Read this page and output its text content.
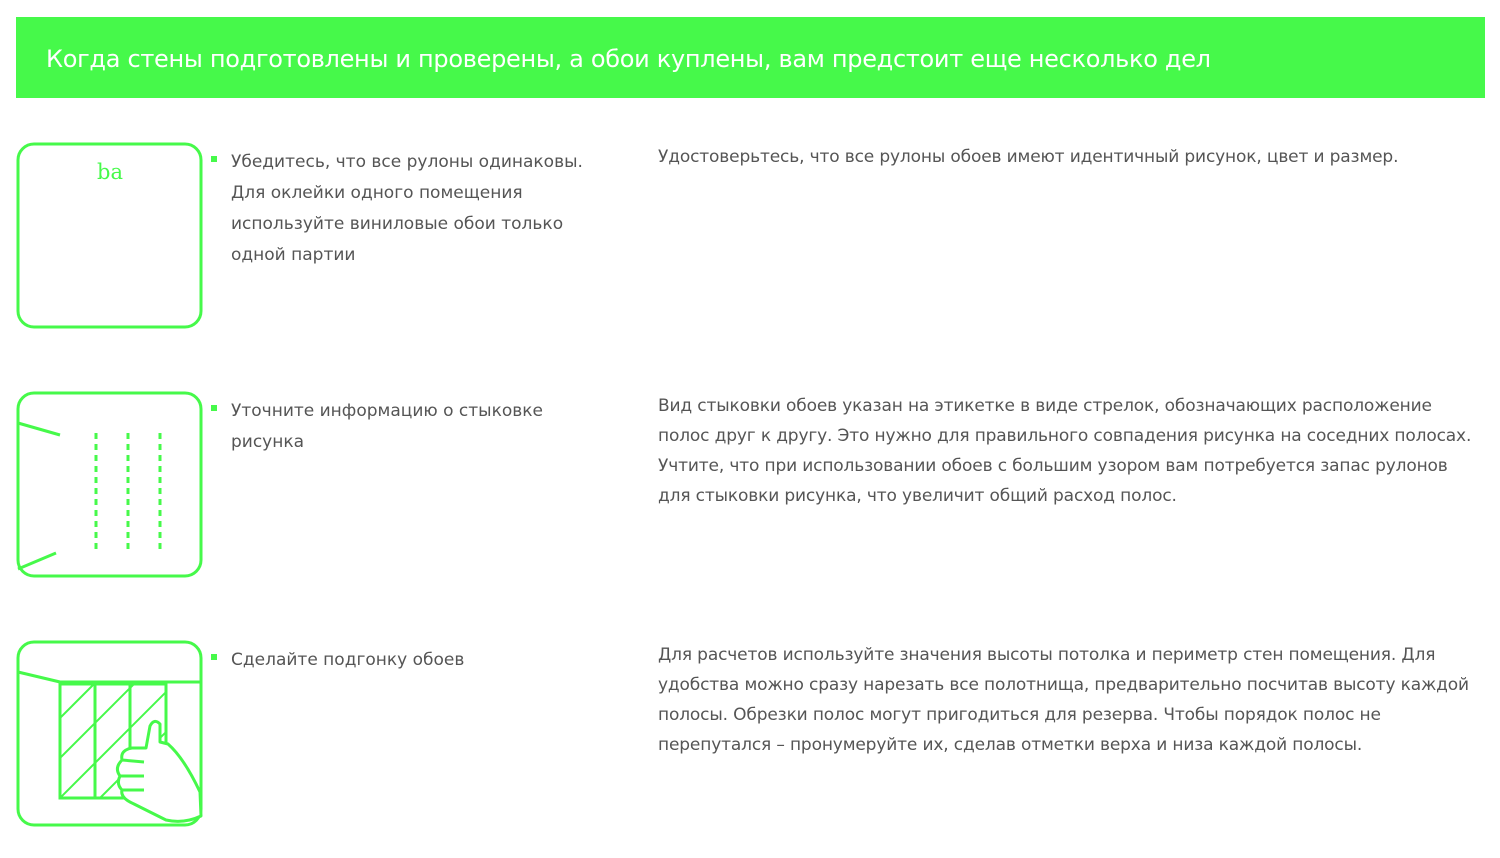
Когда стены подготовлены и проверены, а обои куплены, вам предстоит еще несколько дел
ba	Убедитесь, что все рулоны одинаковы. Для оклейки одного помещения используйте виниловые обои только одной партии
Удостоверьтесь, что все рулоны обоев имеют идентичный рисунок, цвет и размер.
Уточните информацию о стыковке рисунка
Вид стыковки обоев указан на этикетке в виде стрелок, обозначающих расположение полос друг к другу. Это нужно для правильного совпадения рисунка на соседних полосах. Учтите, что при использовании обоев с большим узором вам потребуется запас рулонов для стыковки рисунка, что увеличит общий расход полос.
Сделайте подгонку обоев	Для расчетов используйте значения высоты потолка и периметр стен помещения. Для удобства можно сразу нарезать все полотнища, предварительно посчитав высоту каждой полосы. Обрезки полос могут пригодиться для резерва. Чтобы порядок полос не перепутался – пронумеруйте их, сделав отметки верха и низа каждой полосы.
